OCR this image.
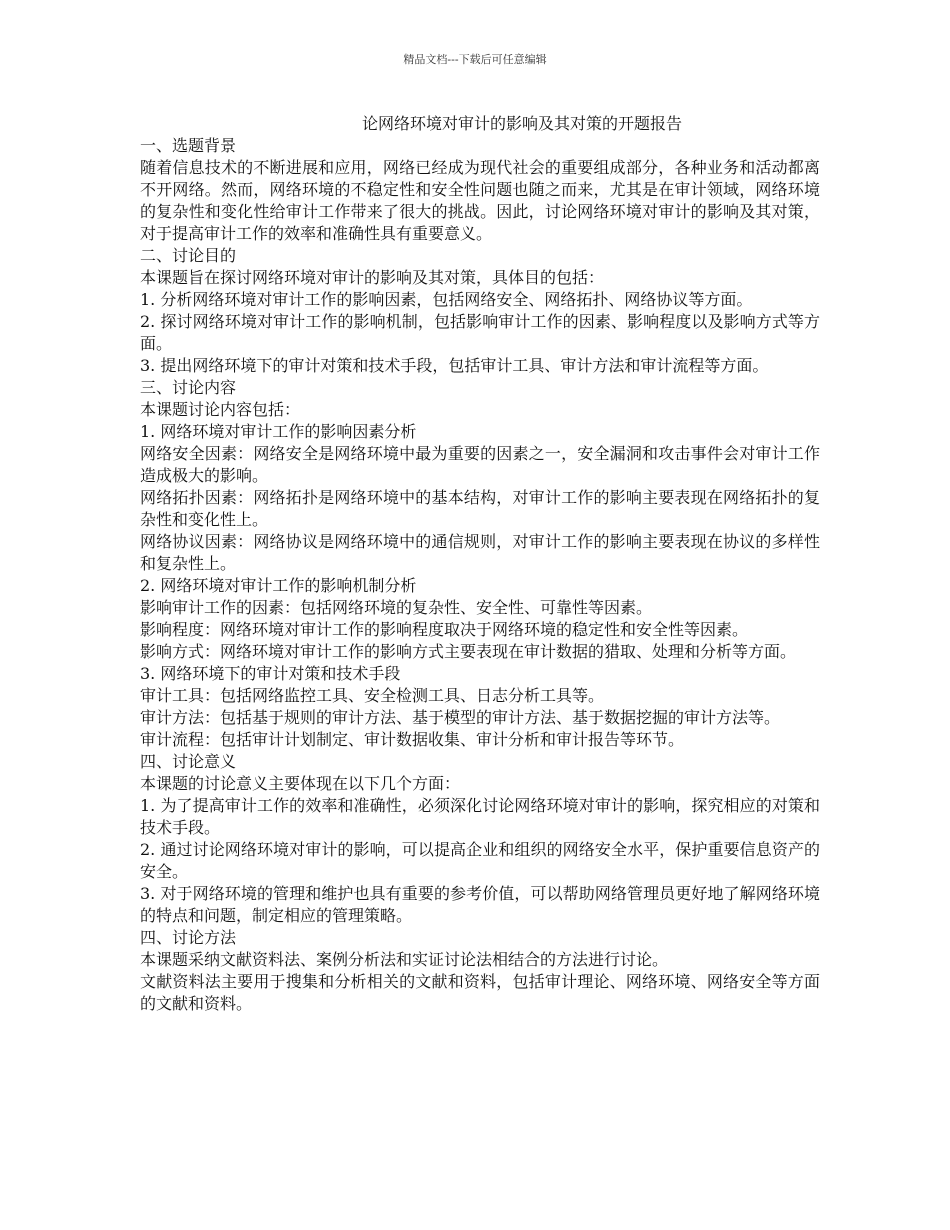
精品文档---下载后可任意编辑
论网络环境对审计的影响及其对策的开题报告

一、选题背景

随着信息技术的不断进展和应用，网络已经成为现代社会的重要组成部分，各种业务和活动都离不开网络。然而，网络环境的不稳定性和安全性问题也随之而来，尤其是在审计领域，网络环境的复杂性和变化性给审计工作带来了很大的挑战。因此，讨论网络环境对审计的影响及其对策，对于提高审计工作的效率和准确性具有重要意义。

二、讨论目的

本课题旨在探讨网络环境对审计的影响及其对策，具体目的包括：

1. 分析网络环境对审计工作的影响因素，包括网络安全、网络拓扑、网络协议等方面。

2. 探讨网络环境对审计工作的影响机制，包括影响审计工作的因素、影响程度以及影响方式等方面。

3. 提出网络环境下的审计对策和技术手段，包括审计工具、审计方法和审计流程等方面。

三、讨论内容

本课题讨论内容包括：

1. 网络环境对审计工作的影响因素分析

网络安全因素：网络安全是网络环境中最为重要的因素之一，安全漏洞和攻击事件会对审计工作造成极大的影响。

网络拓扑因素：网络拓扑是网络环境中的基本结构，对审计工作的影响主要表现在网络拓扑的复杂性和变化性上。

网络协议因素：网络协议是网络环境中的通信规则，对审计工作的影响主要表现在协议的多样性和复杂性上。

2. 网络环境对审计工作的影响机制分析

影响审计工作的因素：包括网络环境的复杂性、安全性、可靠性等因素。

影响程度：网络环境对审计工作的影响程度取决于网络环境的稳定性和安全性等因素。

影响方式：网络环境对审计工作的影响方式主要表现在审计数据的猎取、处理和分析等方面。

3. 网络环境下的审计对策和技术手段

审计工具：包括网络监控工具、安全检测工具、日志分析工具等。

审计方法：包括基于规则的审计方法、基于模型的审计方法、基于数据挖掘的审计方法等。

审计流程：包括审计计划制定、审计数据收集、审计分析和审计报告等环节。

四、讨论意义

本课题的讨论意义主要体现在以下几个方面：

1. 为了提高审计工作的效率和准确性，必须深化讨论网络环境对审计的影响，探究相应的对策和技术手段。

2. 通过讨论网络环境对审计的影响，可以提高企业和组织的网络安全水平，保护重要信息资产的安全。

3. 对于网络环境的管理和维护也具有重要的参考价值，可以帮助网络管理员更好地了解网络环境的特点和问题，制定相应的管理策略。

四、讨论方法

本课题采纳文献资料法、案例分析法和实证讨论法相结合的方法进行讨论。

文献资料法主要用于搜集和分析相关的文献和资料，包括审计理论、网络环境、网络安全等方面的文献和资料。
